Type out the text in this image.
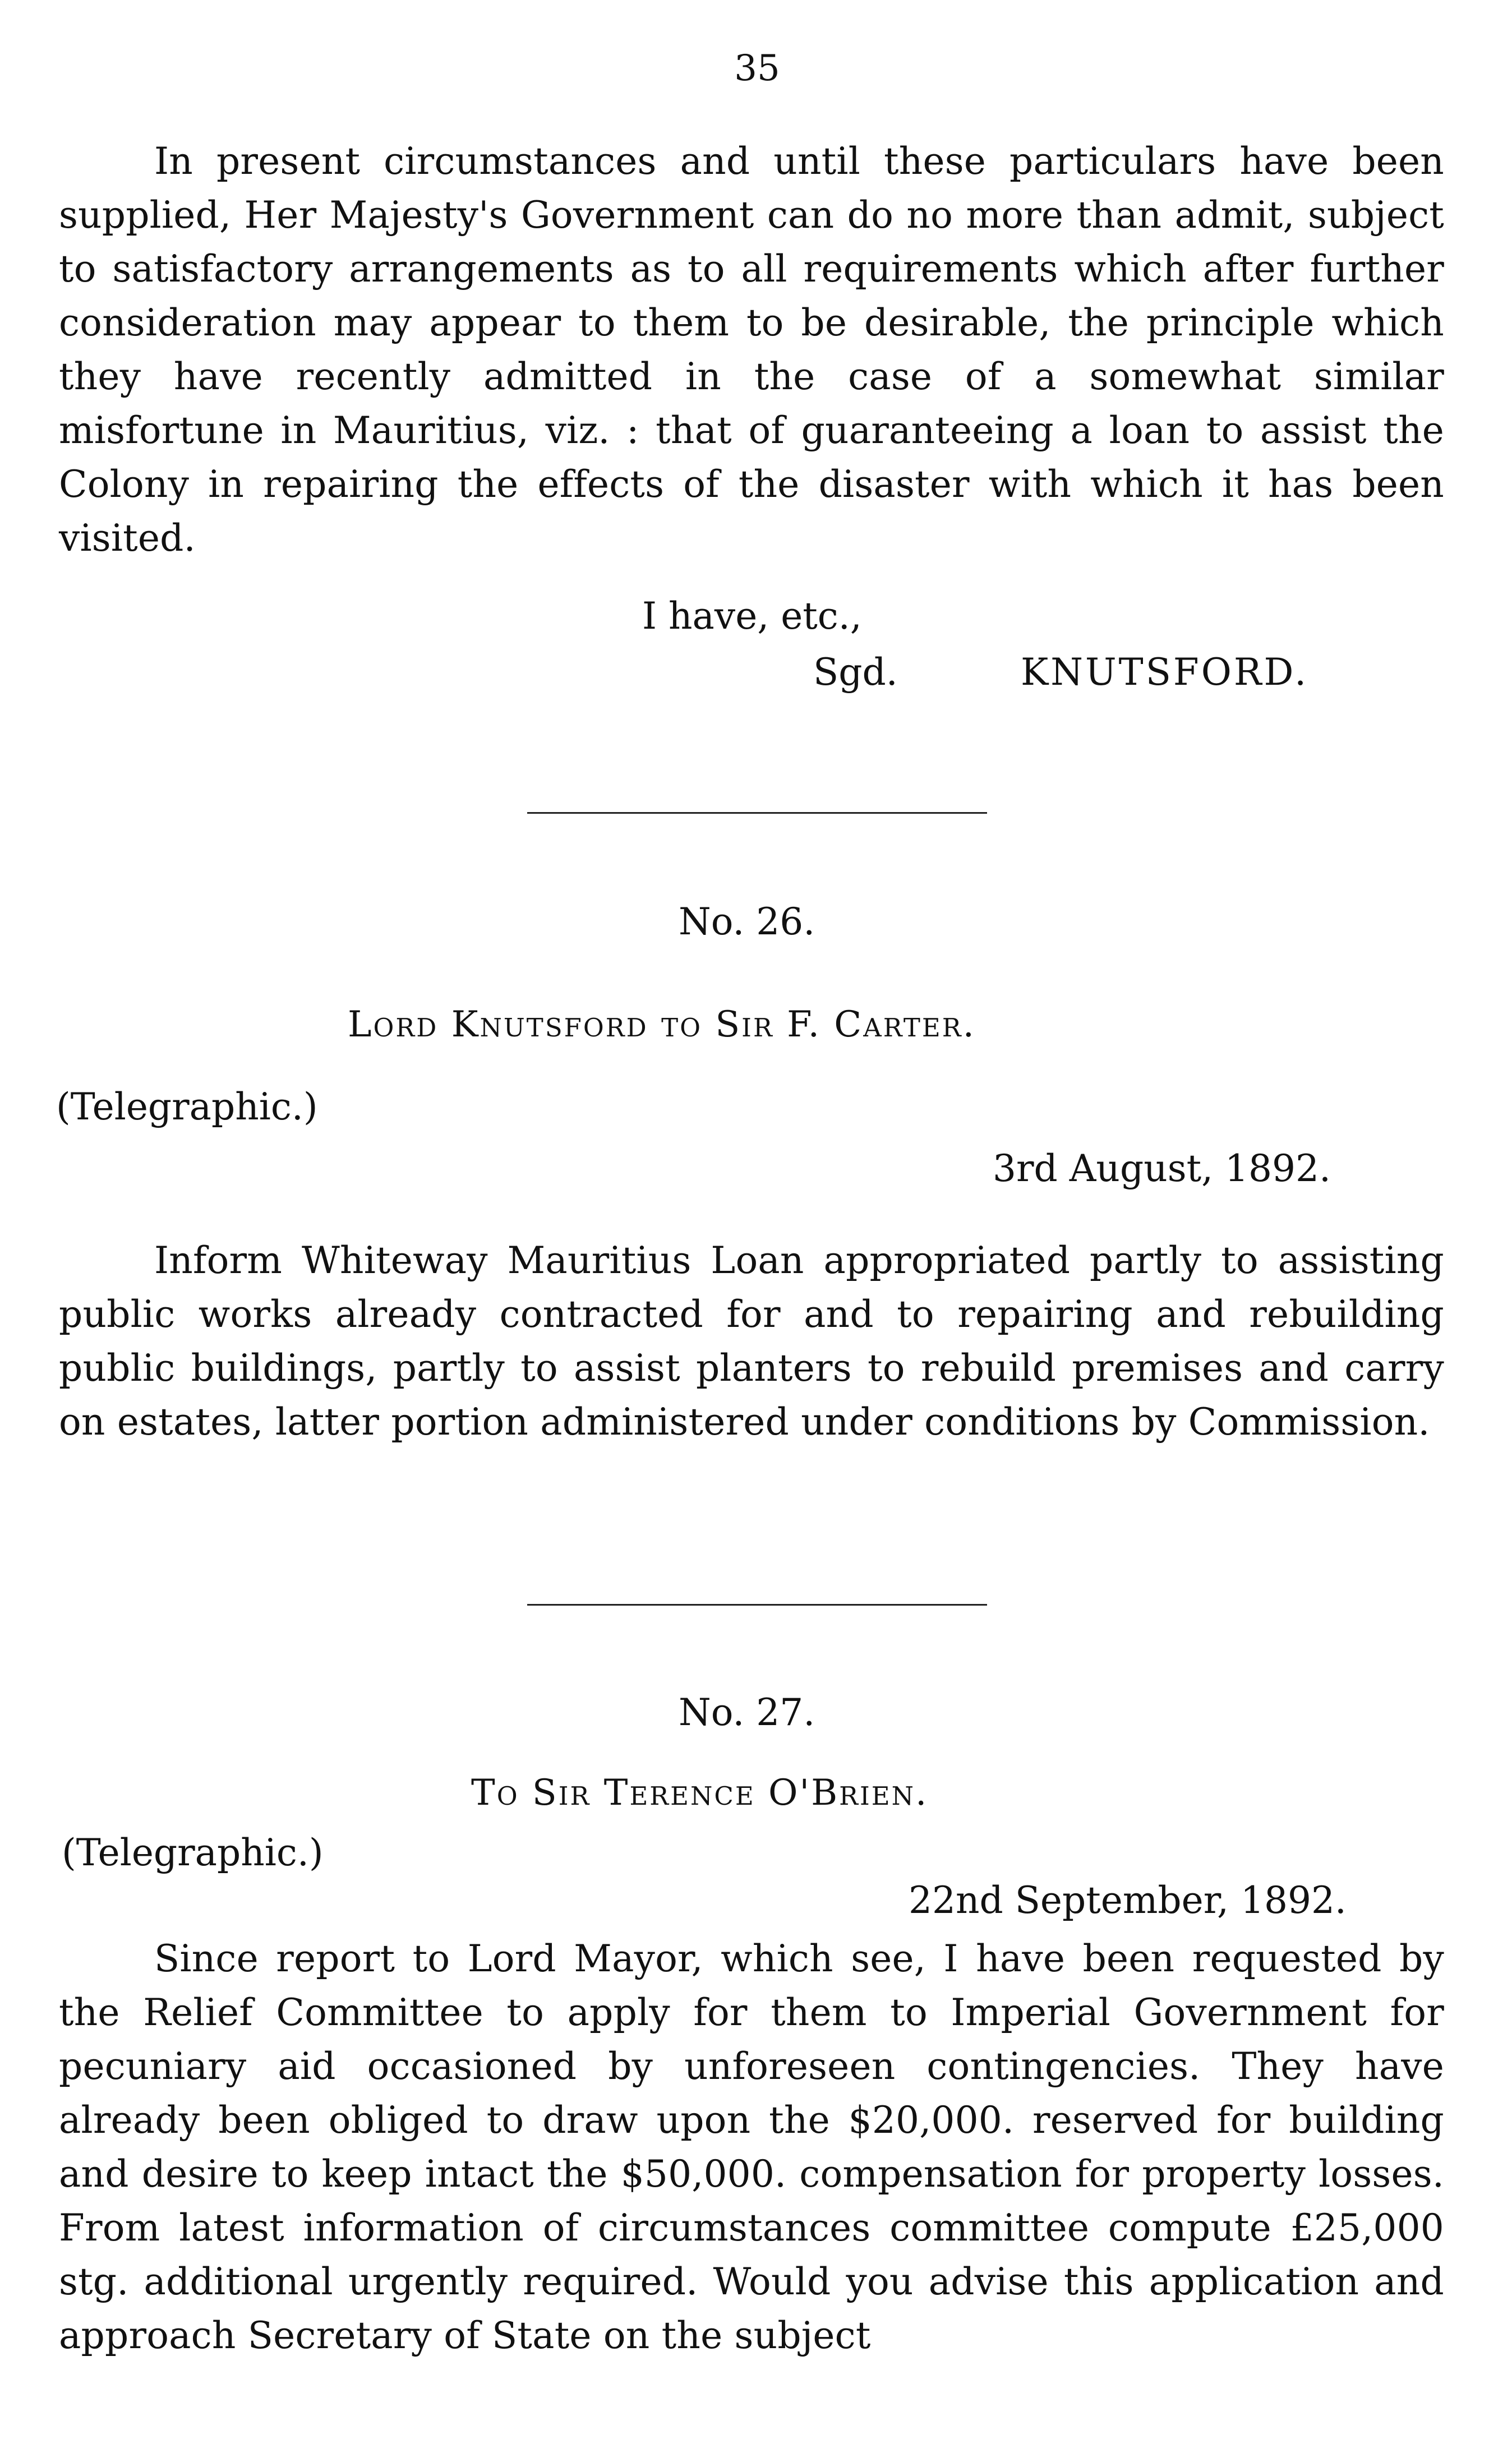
35
In present circumstances and until these particulars have been supplied, Her Majesty's Government can do no more than admit, subject to satisfactory arrangements as to all requirements which after further consideration may appear to them to be desirable, the principle which they have recently admitted in the case of a somewhat similar misfortune in Mauritius, viz. : that of guaranteeing a loan to assist the Colony in repairing the effects of the disaster with which it has been visited.
I have, etc.,
Sgd.	KNUTSFORD.
No. 26.
Lord Knutsford to Sir F. Carter.
(Telegraphic.)
3rd August, 1892.
Inform Whiteway Mauritius Loan appropriated partly to assisting public works already contracted for and to repairing and rebuilding public buildings, partly to assist planters to rebuild premises and carry on estates, latter portion administered under conditions by Commission.
No. 27.
To Sir Terence O'Brien.
(Telegraphic.)
22nd September, 1892.
Since report to Lord Mayor, which see, I have been requested by the Relief Committee to apply for them to Imperial Government for pecuniary aid occasioned by unforeseen contingencies. They have already been obliged to draw upon the $20,000. reserved for building and desire to keep intact the $50,000. compensation for property losses. From latest information of circumstances committee compute £25,000 stg. additional urgently required. Would you advise this application and approach Secretary of State on the subject
